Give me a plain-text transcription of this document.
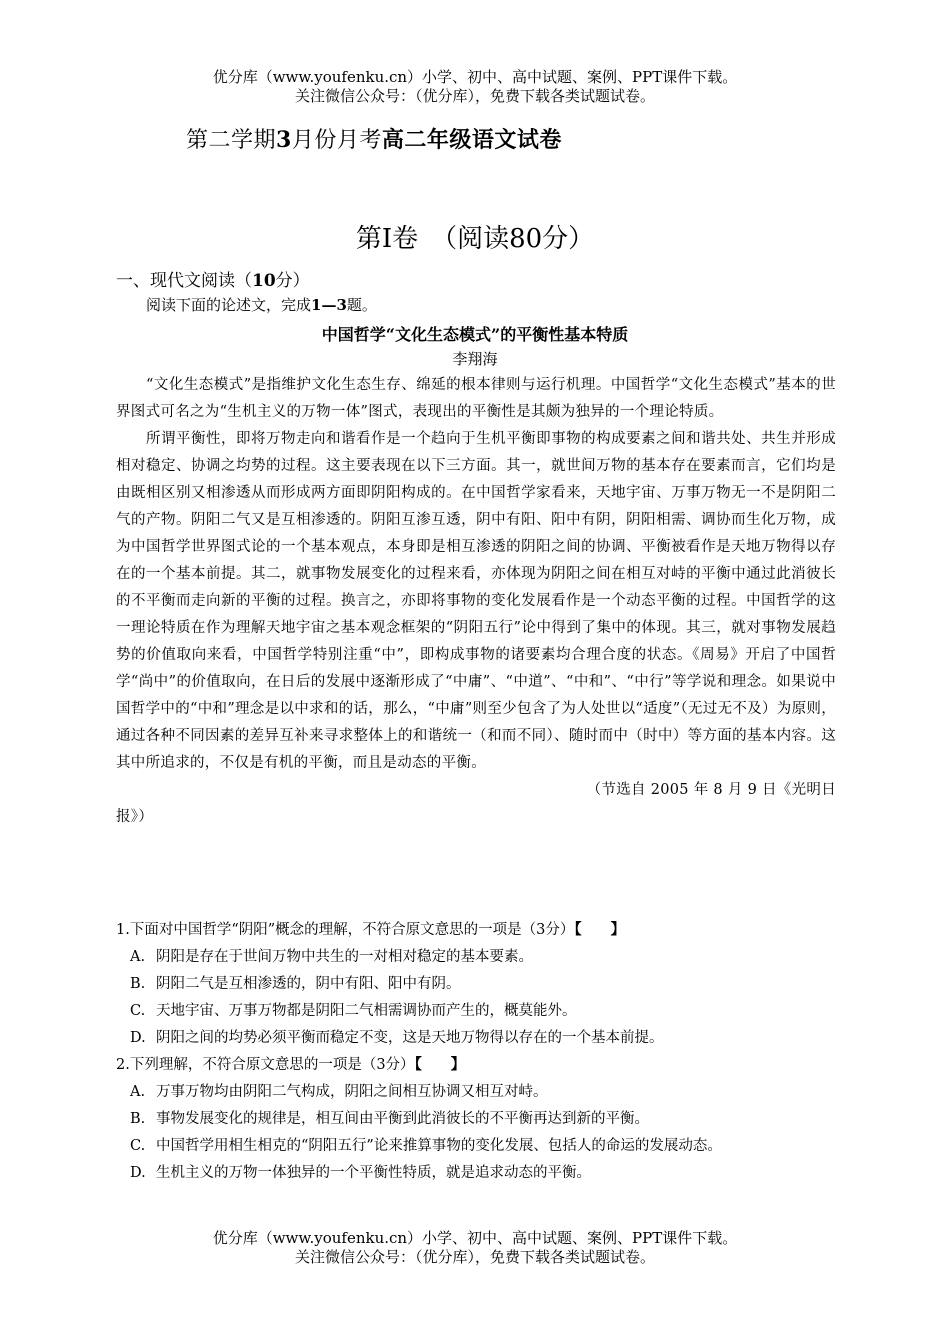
优分库（www.youfenku.cn）小学、初中、高中试题、案例、PPT课件下载。
关注微信公众号：（优分库），免费下载各类试题试卷。
第二学期3月份月考高二年级语文试卷
第Ⅰ卷　（阅读80分）
一、现代文阅读（10分）
阅读下面的论述文，完成1—3题。
中国哲学“文化生态模式”的平衡性基本特质
李翔海

“文化生态模式”是指维护文化生态生存、绵延的根本律则与运行机理。中国哲学“文化生态模式”基本的世界图式可名之为“生机主义的万物一体”图式，表现出的平衡性是其颇为独异的一个理论特质。

所谓平衡性，即将万物走向和谐看作是一个趋向于生机平衡即事物的构成要素之间和谐共处、共生并形成相对稳定、协调之均势的过程。这主要表现在以下三方面。其一，就世间万物的基本存在要素而言，它们均是由既相区别又相渗透从而形成两方面即阴阳构成的。在中国哲学家看来，天地宇宙、万事万物无一不是阴阳二气的产物。阴阳二气又是互相渗透的。阴阳互渗互透，阴中有阳、阳中有阴，阴阳相需、调协而生化万物，成为中国哲学世界图式论的一个基本观点，本身即是相互渗透的阴阳之间的协调、平衡被看作是天地万物得以存在的一个基本前提。其二，就事物发展变化的过程来看，亦体现为阴阳之间在相互对峙的平衡中通过此消彼长的不平衡而走向新的平衡的过程。换言之，亦即将事物的变化发展看作是一个动态平衡的过程。中国哲学的这一理论特质在作为理解天地宇宙之基本观念框架的“阴阳五行”论中得到了集中的体现。其三，就对事物发展趋势的价值取向来看，中国哲学特别注重“中”，即构成事物的诸要素均合理合度的状态。《周易》开启了中国哲学“尚中”的价值取向，在日后的发展中逐渐形成了“中庸”、“中道”、“中和”、“中行”等学说和理念。如果说中国哲学中的“中和”理念是以中求和的话，那么，“中庸”则至少包含了为人处世以“适度”（无过无不及）为原则，通过各种不同因素的差异互补来寻求整体上的和谐统一（和而不同）、随时而中（时中）等方面的基本内容。这其中所追求的，不仅是有机的平衡，而且是动态的平衡。

（节选自 2005 年 8 月 9 日《光明日

报》）

1.下面对中国哲学“阴阳”概念的理解，不符合原文意思的一项是（3分）【　　】
A. 阴阳是存在于世间万物中共生的一对相对稳定的基本要素。
B. 阴阳二气是互相渗透的，阴中有阳、阳中有阴。
C. 天地宇宙、万事万物都是阴阳二气相需调协而产生的，概莫能外。
D. 阴阳之间的均势必须平衡而稳定不变，这是天地万物得以存在的一个基本前提。
2.下列理解，不符合原文意思的一项是（3分）【　　】
A. 万事万物均由阴阳二气构成，阴阳之间相互协调又相互对峙。
B. 事物发展变化的规律是，相互间由平衡到此消彼长的不平衡再达到新的平衡。
C. 中国哲学用相生相克的“阴阳五行”论来推算事物的变化发展、包括人的命运的发展动态。
D. 生机主义的万物一体独异的一个平衡性特质，就是追求动态的平衡。
优分库（www.youfenku.cn）小学、初中、高中试题、案例、PPT课件下载。
关注微信公众号：（优分库），免费下载各类试题试卷。
